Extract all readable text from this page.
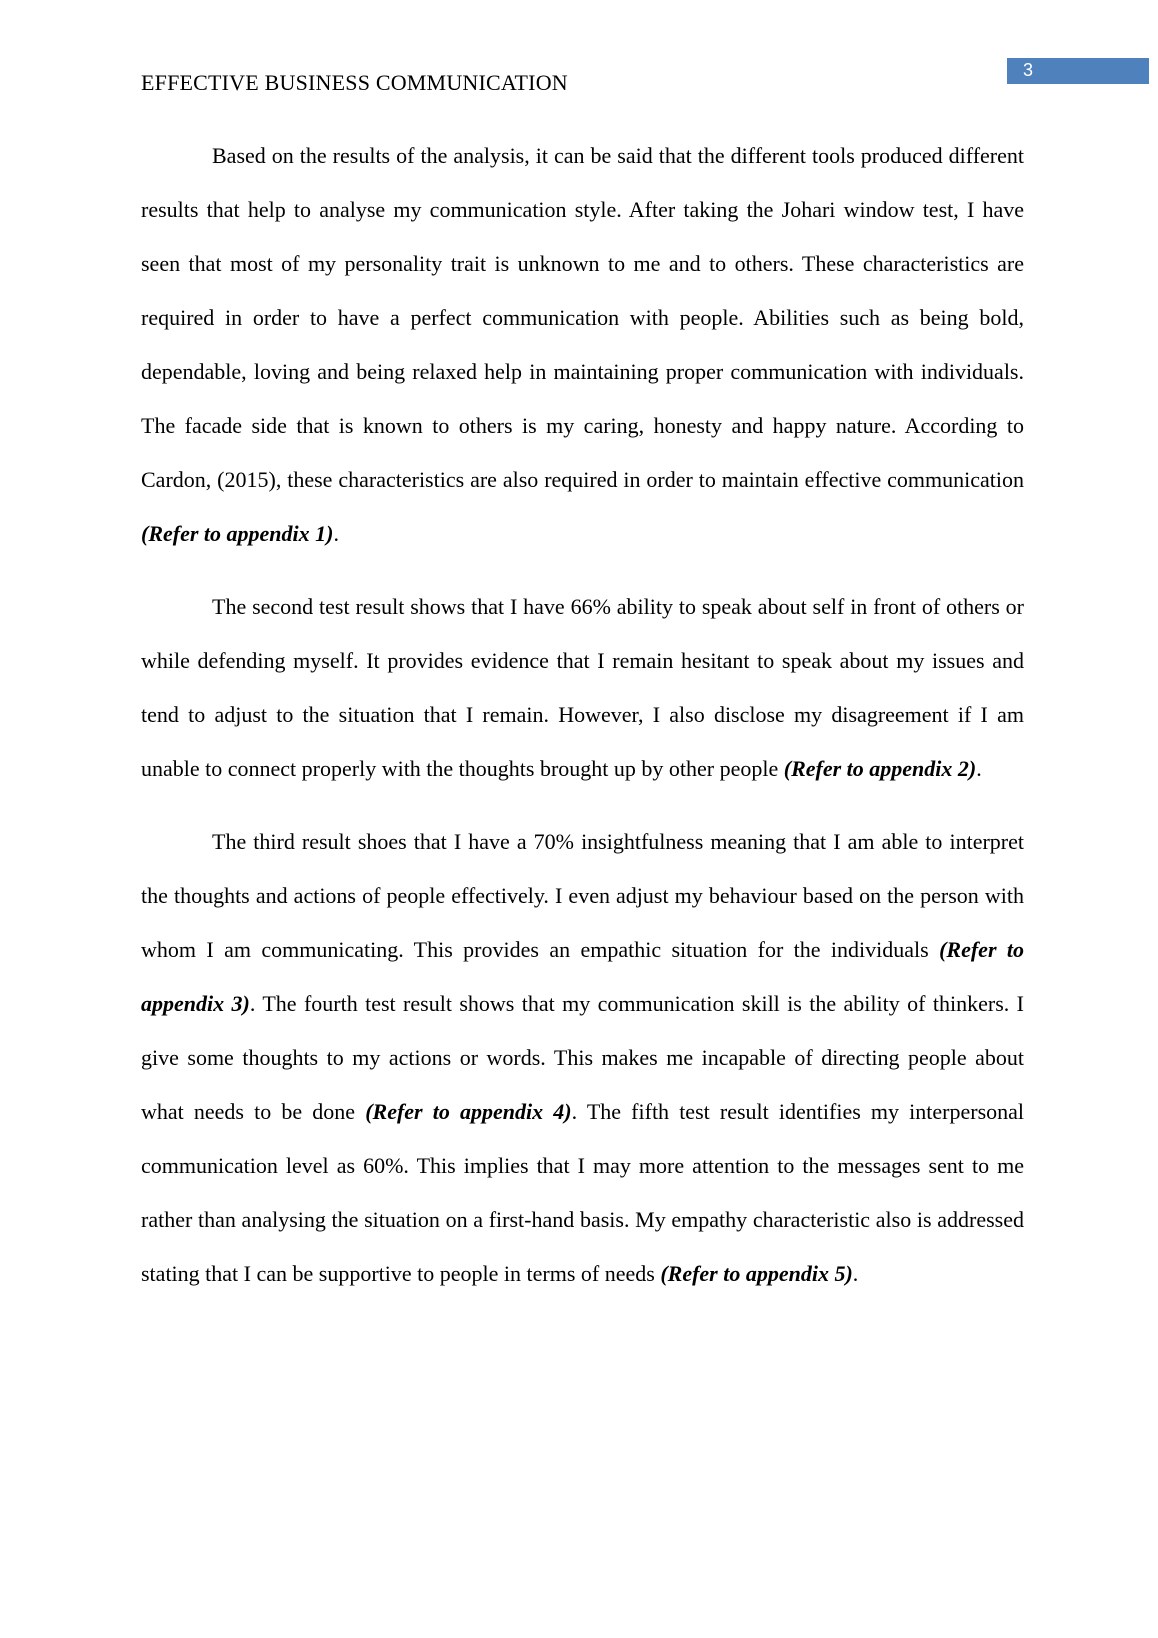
EFFECTIVE BUSINESS COMMUNICATION	3

Based on the results of the analysis, it can be said that the different tools produced different results that help to analyse my communication style. After taking the Johari window test, I have seen that most of my personality trait is unknown to me and to others. These characteristics are required in order to have a perfect communication with people. Abilities such as being bold, dependable, loving and being relaxed help in maintaining proper communication with individuals. The facade side that is known to others is my caring, honesty and happy nature. According to Cardon, (2015), these characteristics are also required in order to maintain effective communication (Refer to appendix 1).

The second test result shows that I have 66% ability to speak about self in front of others or while defending myself. It provides evidence that I remain hesitant to speak about my issues and tend to adjust to the situation that I remain. However, I also disclose my disagreement if I am unable to connect properly with the thoughts brought up by other people (Refer to appendix 2).

The third result shoes that I have a 70% insightfulness meaning that I am able to interpret the thoughts and actions of people effectively. I even adjust my behaviour based on the person with whom I am communicating. This provides an empathic situation for the individuals (Refer to appendix 3). The fourth test result shows that my communication skill is the ability of thinkers. I give some thoughts to my actions or words. This makes me incapable of directing people about what needs to be done (Refer to appendix 4). The fifth test result identifies my interpersonal communication level as 60%. This implies that I may more attention to the messages sent to me rather than analysing the situation on a first-hand basis. My empathy characteristic also is addressed stating that I can be supportive to people in terms of needs (Refer to appendix 5).
